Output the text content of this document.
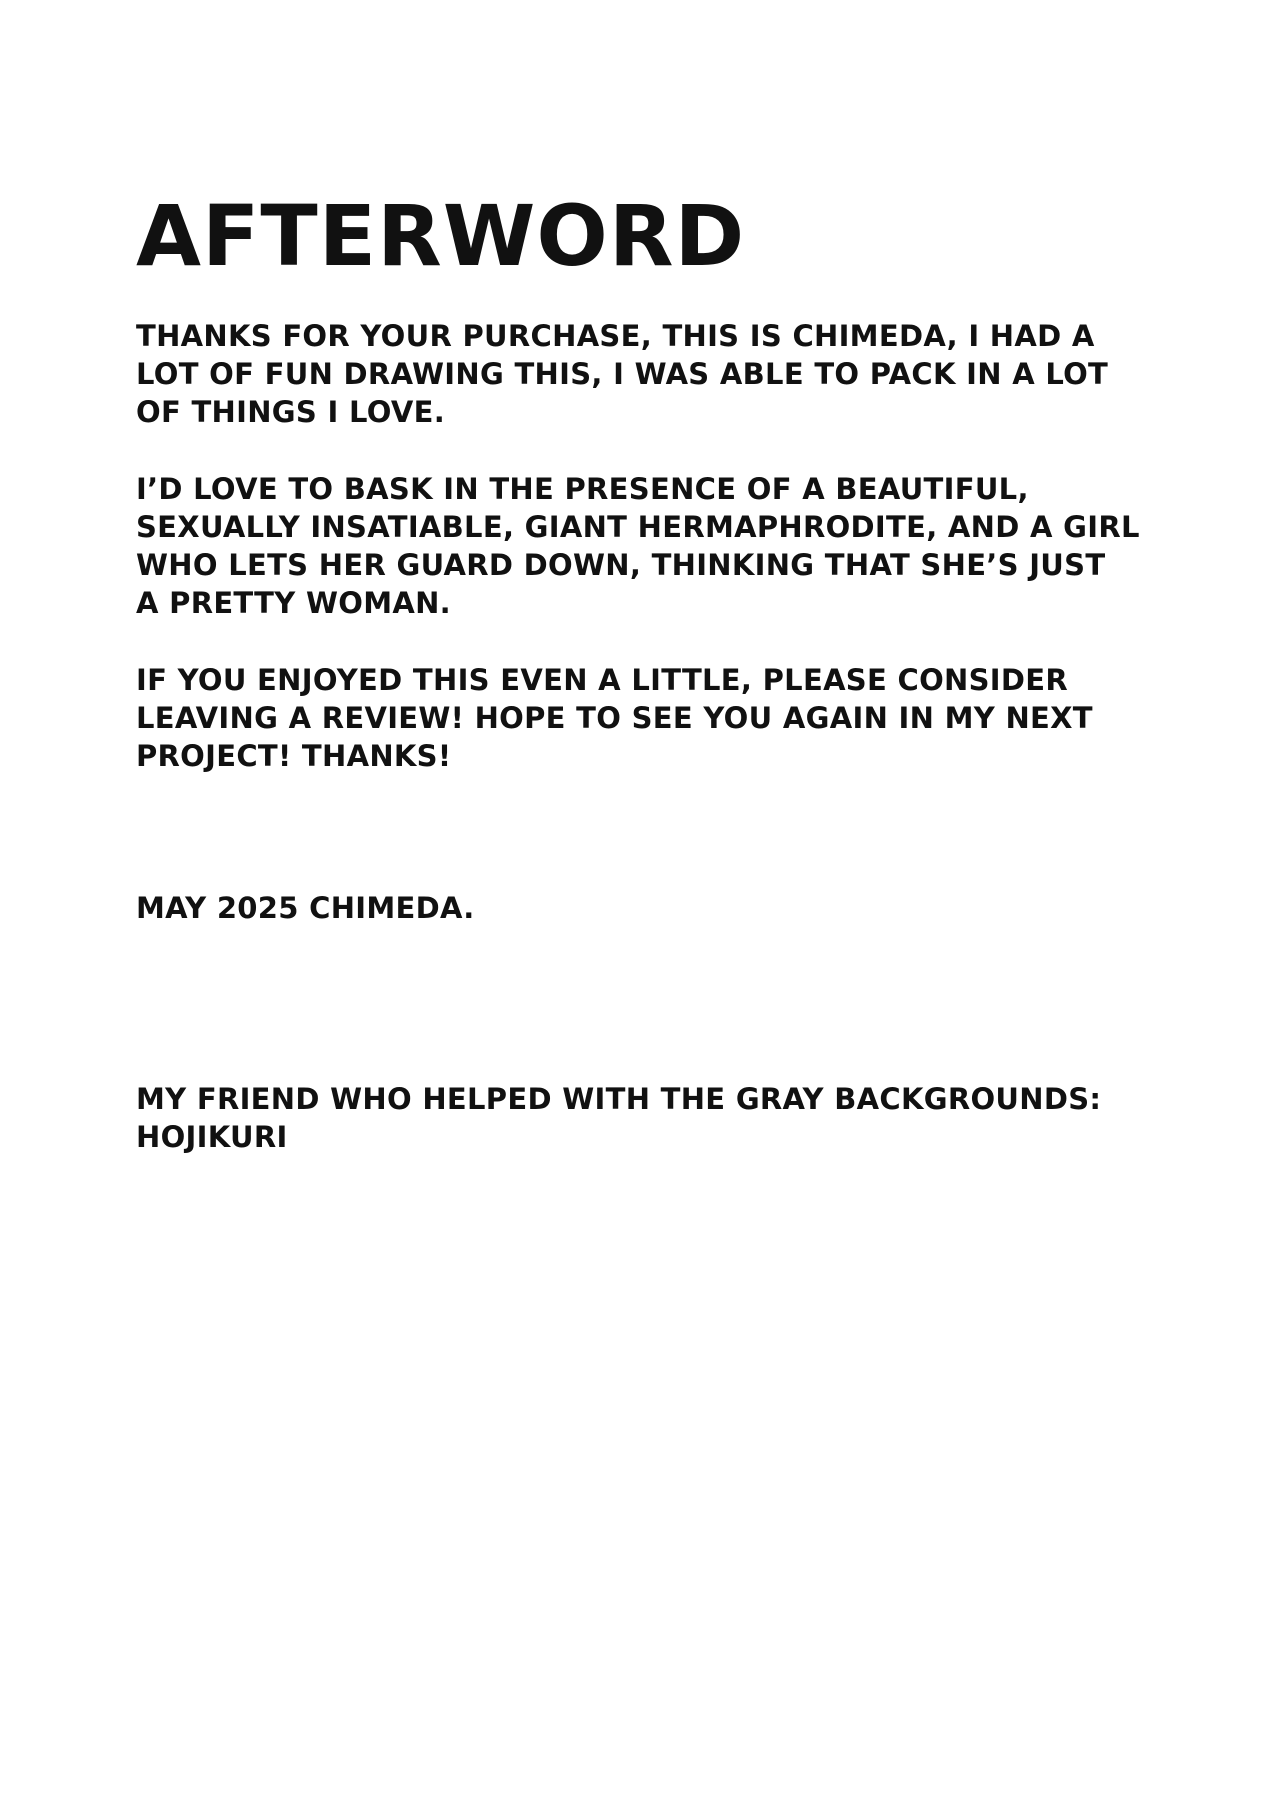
AFTERWORD

THANKS FOR YOUR PURCHASE, THIS IS CHIMEDA, I HAD A
LOT OF FUN DRAWING THIS, I WAS ABLE TO PACK IN A LOT
OF THINGS I LOVE.

I’D LOVE TO BASK IN THE PRESENCE OF A BEAUTIFUL,
SEXUALLY INSATIABLE, GIANT HERMAPHRODITE, AND A GIRL
WHO LETS HER GUARD DOWN, THINKING THAT SHE’S JUST
A PRETTY WOMAN.

IF YOU ENJOYED THIS EVEN A LITTLE, PLEASE CONSIDER
LEAVING A REVIEW! HOPE TO SEE YOU AGAIN IN MY NEXT
PROJECT! THANKS!

MAY 2025 CHIMEDA.

MY FRIEND WHO HELPED WITH THE GRAY BACKGROUNDS:
HOJIKURI
